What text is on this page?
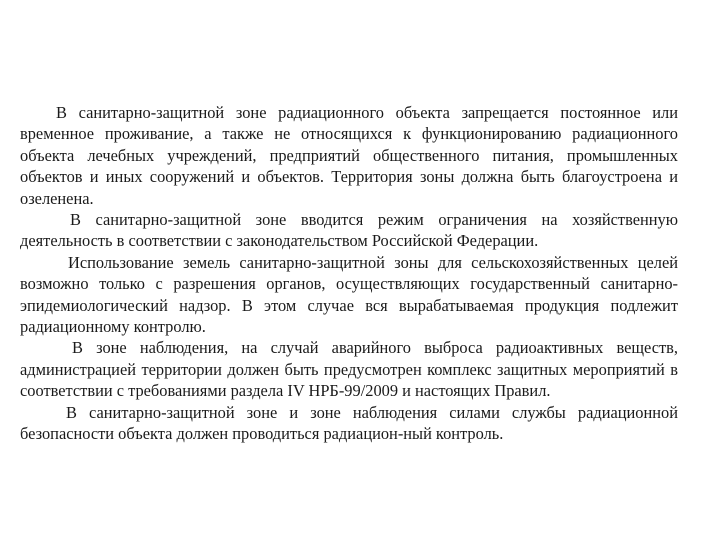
В санитарно-защитной зоне радиационного объекта запрещается постоянное или временное проживание, а также не относящихся к функционированию радиационного объекта лечебных учреждений, предприятий общественного питания, промышленных объектов и иных сооружений и объектов. Территория зоны должна быть благоустроена и озеленена.

В санитарно-защитной зоне вводится режим ограничения на хозяйственную деятельность в соответствии с законодательством Российской Федерации.

Использование земель санитарно-защитной зоны для сельскохозяйственных целей возможно только с разрешения органов, осуществляющих государственный санитарно-эпидемиологический надзор. В этом случае вся вырабатываемая продукция подлежит радиационному контролю.

В зоне наблюдения, на случай аварийного выброса радиоактивных веществ, администрацией территории должен быть предусмотрен комплекс защитных мероприятий в соответствии с требованиями раздела IV НРБ-99/2009 и настоящих Правил.

В санитарно-защитной зоне и зоне наблюдения силами службы радиационной безопасности объекта должен проводиться радиацион-ный контроль.
